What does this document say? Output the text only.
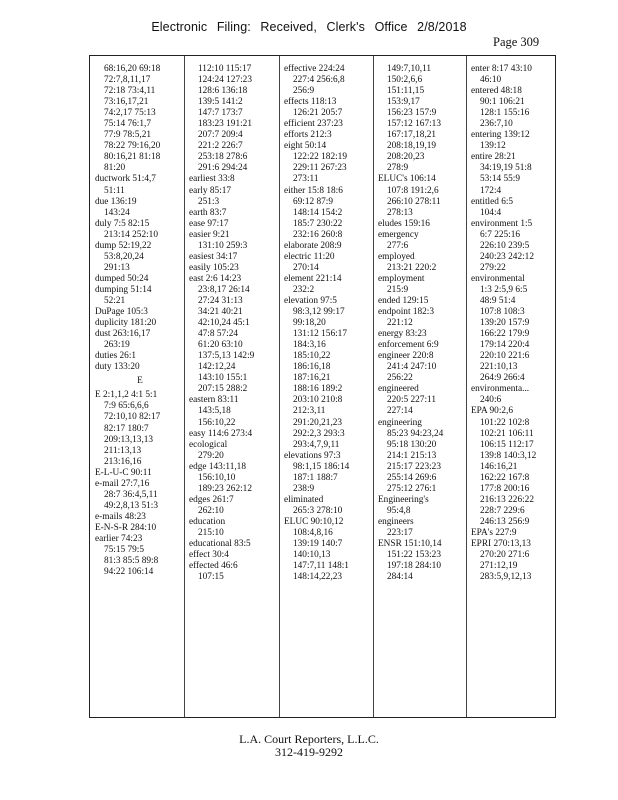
Electronic Filing: Received, Clerk's Office 2/8/2018
Page 309
68:16,20 69:18
72:7,8,11,17
72:18 73:4,11
73:16,17,21
74:2,17 75:13
75:14 76:1,7
77:9 78:5,21
78:22 79:16,20
80:16,21 81:18
81:20
ductwork 51:4,7
51:11
due 136:19
143:24
duly 7:5 82:15
213:14 252:10
dump 52:19,22
53:8,20,24
291:13
dumped 50:24
dumping 51:14
52:21
DuPage 105:3
duplicity 181:20
dust 263:16,17
263:19
duties 26:1
duty 133:20
E
E 2:1,1,2 4:1 5:1
7:9 65:6,6,6
72:10,10 82:17
82:17 180:7
209:13,13,13
211:13,13
213:16,16
E-L-U-C 90:11
e-mail 27:7,16
28:7 36:4,5,11
49:2,8,13 51:3
e-mails 48:23
E-N-S-R 284:10
earlier 74:23
75:15 79:5
81:3 85:5 89:8
94:22 106:14
112:10 115:17
124:24 127:23
128:6 136:18
139:5 141:2
147:7 173:7
183:23 191:21
207:7 209:4
221:2 226:7
253:18 278:6
291:6 294:24
earliest 33:8
early 85:17
251:3
earth 83:7
ease 97:17
easier 9:21
131:10 259:3
easiest 34:17
easily 105:23
east 2:6 14:23
23:8,17 26:14
27:24 31:13
34:21 40:21
42:10,24 45:1
47:8 57:24
61:20 63:10
137:5,13 142:9
142:12,24
143:10 155:1
207:15 288:2
eastern 83:11
143:5,18
156:10,22
easy 114:6 273:4
ecological
279:20
edge 143:11,18
156:10,10
189:23 262:12
edges 261:7
262:10
education
215:10
educational 83:5
effect 30:4
effected 46:6
107:15
effective 224:24
227:4 256:6,8
256:9
effects 118:13
126:21 205:7
efficient 237:23
efforts 212:3
eight 50:14
122:22 182:19
229:11 267:23
273:11
either 15:8 18:6
69:12 87:9
148:14 154:2
185:7 230:22
232:16 260:8
elaborate 208:9
electric 11:20
270:14
element 221:14
232:2
elevation 97:5
98:3,12 99:17
99:18,20
131:12 156:17
184:3,16
185:10,22
186:16,18
187:16,21
188:16 189:2
203:10 210:8
212:3,11
291:20,21,23
292:2,3 293:3
293:4,7,9,11
elevations 97:3
98:1,15 186:14
187:1 188:7
238:9
eliminated
265:3 278:10
ELUC 90:10,12
108:4,8,16
139:19 140:7
140:10,13
147:7,11 148:1
148:14,22,23
149:7,10,11
150:2,6,6
151:11,15
153:9,17
156:23 157:9
157:12 167:13
167:17,18,21
208:18,19,19
208:20,23
278:9
ELUC's 106:14
107:8 191:2,6
266:10 278:11
278:13
eludes 159:16
emergency
277:6
employed
213:21 220:2
employment
215:9
ended 129:15
endpoint 182:3
221:12
energy 83:23
enforcement 6:9
engineer 220:8
241:4 247:10
256:22
engineered
220:5 227:11
227:14
engineering
85:23 94:23,24
95:18 130:20
214:1 215:13
215:17 223:23
255:14 269:6
275:12 276:1
Engineering's
95:4,8
engineers
223:17
ENSR 151:10,14
151:22 153:23
197:18 284:10
284:14
enter 8:17 43:10
46:10
entered 48:18
90:1 106:21
128:1 155:16
236:7,10
entering 139:12
139:12
entire 28:21
34:19,19 51:8
53:14 55:9
172:4
entitled 6:5
104:4
environment 1:5
6:7 225:16
226:10 239:5
240:23 242:12
279:22
environmental
1:3 2:5,9 6:5
48:9 51:4
107:8 108:3
139:20 157:9
166:22 179:9
179:14 220:4
220:10 221:6
221:10,13
264:9 266:4
environmenta...
240:6
EPA 90:2,6
101:22 102:8
102:21 106:11
106:15 112:17
139:8 140:3,12
146:16,21
162:22 167:8
177:8 200:16
216:13 226:22
228:7 229:6
246:13 256:9
EPA's 227:9
EPRI 270:13,13
270:20 271:6
271:12,19
283:5,9,12,13
L.A. Court Reporters, L.L.C.
312-419-9292
